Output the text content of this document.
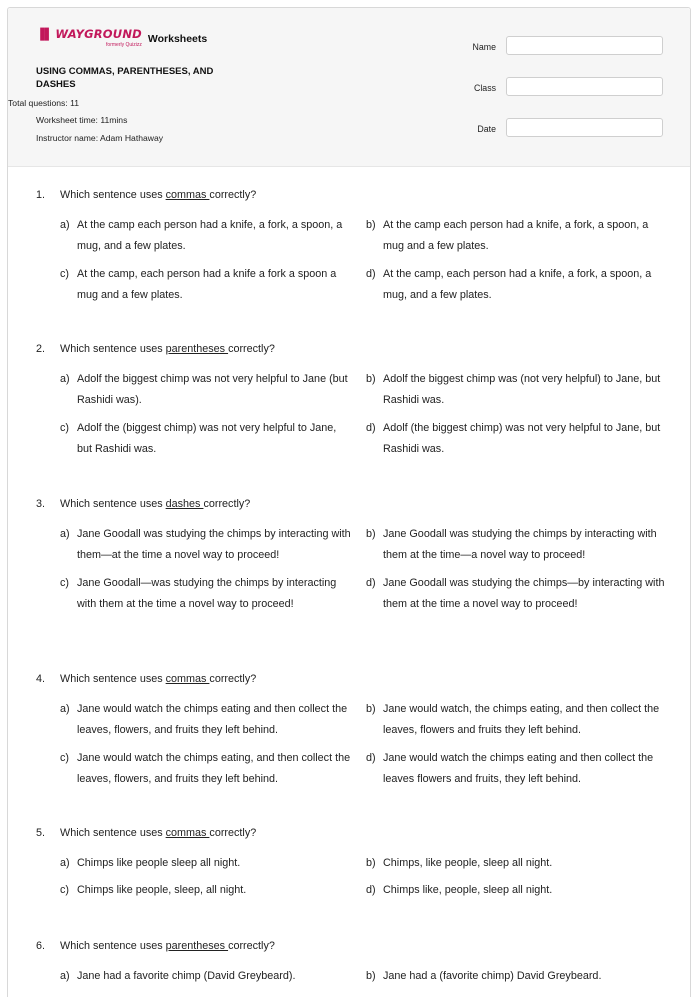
▐▌ WAYGROUND
formerly Quizizz Worksheets
USING COMMAS, PARENTHESES, AND DASHES
Total questions: 11
Worksheet time: 11mins
Instructor name: Adam Hathaway
Name
Class
Date
1. Which sentence uses commas correctly?
a) At the camp each person had a knife, a fork, a spoon, a mug, and a few plates.
b) At the camp each person had a knife, a fork, a spoon, a mug and a few plates.
c) At the camp, each person had a knife a fork a spoon a mug and a few plates.
d) At the camp, each person had a knife, a fork, a spoon, a mug, and a few plates.
2. Which sentence uses parentheses correctly?
a) Adolf the biggest chimp was not very helpful to Jane (but Rashidi was).
b) Adolf the biggest chimp was (not very helpful) to Jane, but Rashidi was.
c) Adolf the (biggest chimp) was not very helpful to Jane, but Rashidi was.
d) Adolf (the biggest chimp) was not very helpful to Jane, but Rashidi was.
3. Which sentence uses dashes correctly?
a) Jane Goodall was studying the chimps by interacting with them—at the time a novel way to proceed!
b) Jane Goodall was studying the chimps by interacting with them at the time—a novel way to proceed!
c) Jane Goodall—was studying the chimps by interacting with them at the time a novel way to proceed!
d) Jane Goodall was studying the chimps—by interacting with them at the time a novel way to proceed!
4. Which sentence uses commas correctly?
a) Jane would watch the chimps eating and then collect the leaves, flowers, and fruits they left behind.
b) Jane would watch, the chimps eating, and then collect the leaves, flowers and fruits they left behind.
c) Jane would watch the chimps eating, and then collect the leaves, flowers, and fruits they left behind.
d) Jane would watch the chimps eating and then collect the leaves flowers and fruits, they left behind.
5. Which sentence uses commas correctly?
a) Chimps like people sleep all night.	b) Chimps, like people, sleep all night.
c) Chimps like people, sleep, all night.	d) Chimps like, people, sleep all night.
6. Which sentence uses parentheses correctly?
a) Jane had a favorite chimp (David Greybeard).	b) Jane had a (favorite chimp) David Greybeard.
